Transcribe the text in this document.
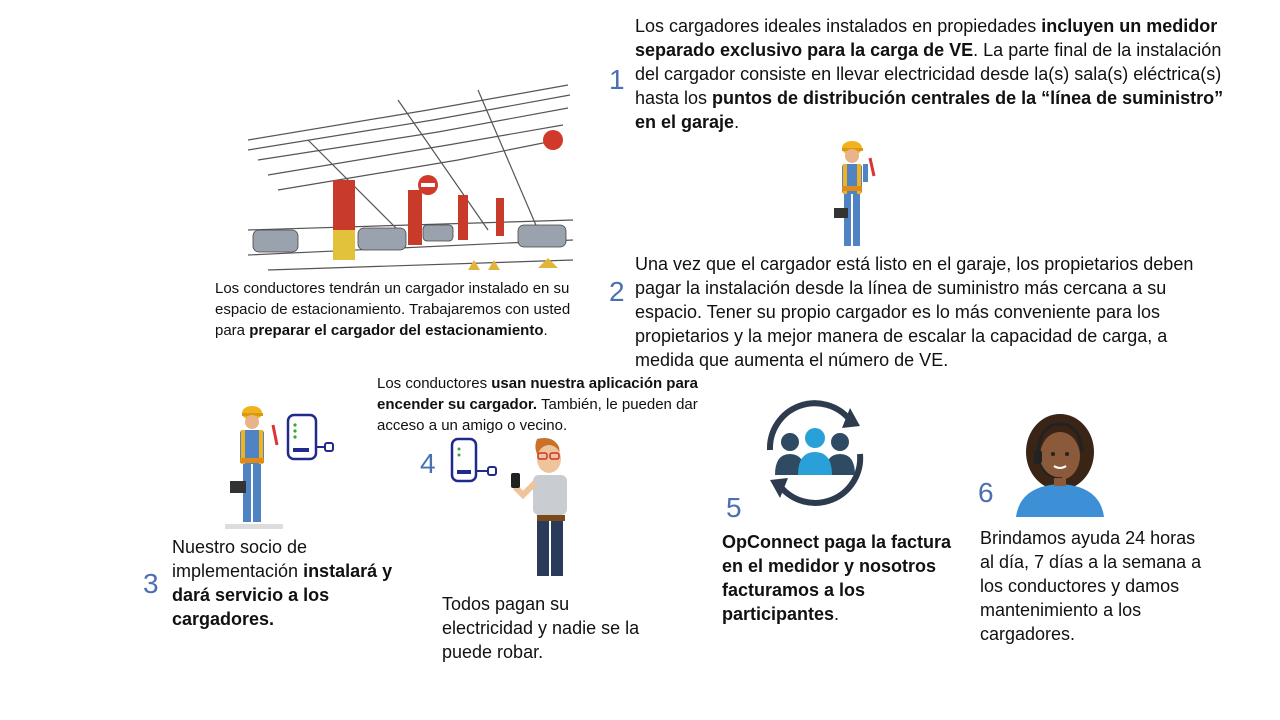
1
Los cargadores ideales instalados en propiedades incluyen un medidor separado exclusivo para la carga de VE. La parte final de la instalación del cargador consiste en llevar electricidad desde la(s) sala(s) eléctrica(s) hasta los puntos de distribución centrales de la “línea de suministro” en el garaje.
2
Una vez que el cargador está listo en el garaje, los propietarios deben pagar la instalación desde la línea de suministro más cercana a su espacio. Tener su propio cargador es lo más conveniente para los propietarios y la mejor manera de escalar la capacidad de carga, a medida que aumenta el número de VE.
Los conductores tendrán un cargador instalado en su espacio de estacionamiento. Trabajaremos con usted para preparar el cargador del estacionamiento.
3
Nuestro socio de implementación instalará y dará servicio a los cargadores.
Los conductores usan nuestra aplicación para encender su cargador. También, le pueden dar acceso a un amigo o vecino.
4
Todos pagan su electricidad y nadie se la puede robar.
5
OpConnect paga la factura en el medidor y nosotros facturamos a los participantes.
6
Brindamos ayuda 24 horas al día, 7 días a la semana a los conductores y damos mantenimiento a los cargadores.
